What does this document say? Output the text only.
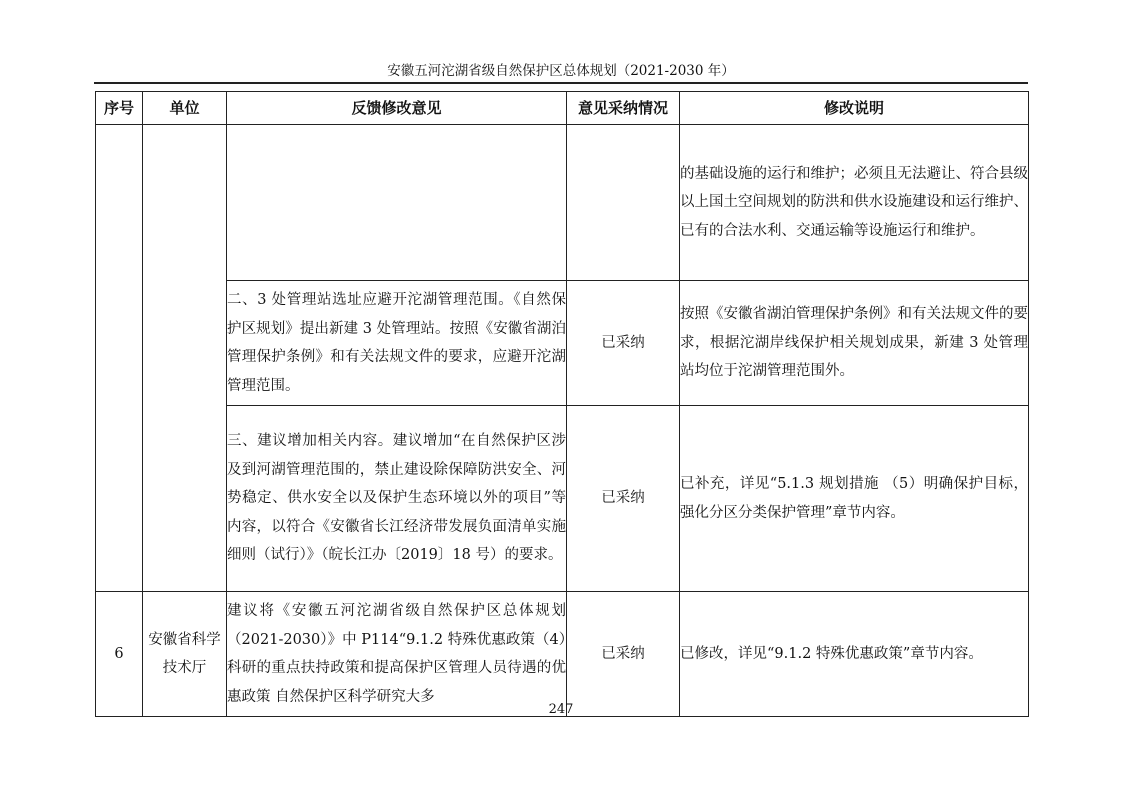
安徽五河沱湖省级自然保护区总体规划（2021-2030 年）
序号	单位	反馈修改意见	意见采纳情况	修改说明
				的基础设施的运行和维护；必须且无法避让、符合县级以上国土空间规划的防洪和供水设施建设和运行维护、已有的合法水利、交通运输等设施运行和维护。
		二、3 处管理站选址应避开沱湖管理范围。《自然保护区规划》提出新建 3 处管理站。按照《安徽省湖泊管理保护条例》和有关法规文件的要求，应避开沱湖管理范围。	已采纳	按照《安徽省湖泊管理保护条例》和有关法规文件的要求，根据沱湖岸线保护相关规划成果，新建 3 处管理站均位于沱湖管理范围外。
		三、建议增加相关内容。建议增加“在自然保护区涉及到河湖管理范围的，禁止建设除保障防洪安全、河势稳定、供水安全以及保护生态环境以外的项目”等内容，以符合《安徽省长江经济带发展负面清单实施细则（试行）》（皖长江办〔2019〕18 号）的要求。	已采纳	已补充，详见“5.1.3 规划措施 （5）明确保护目标，强化分区分类保护管理”章节内容。
6	安徽省科学技术厅	建议将《安徽五河沱湖省级自然保护区总体规划（2021-2030）》中 P114“9.1.2 特殊优惠政策（4）科研的重点扶持政策和提高保护区管理人员待遇的优惠政策 自然保护区科学研究大多	已采纳	已修改，详见“9.1.2 特殊优惠政策”章节内容。
247
